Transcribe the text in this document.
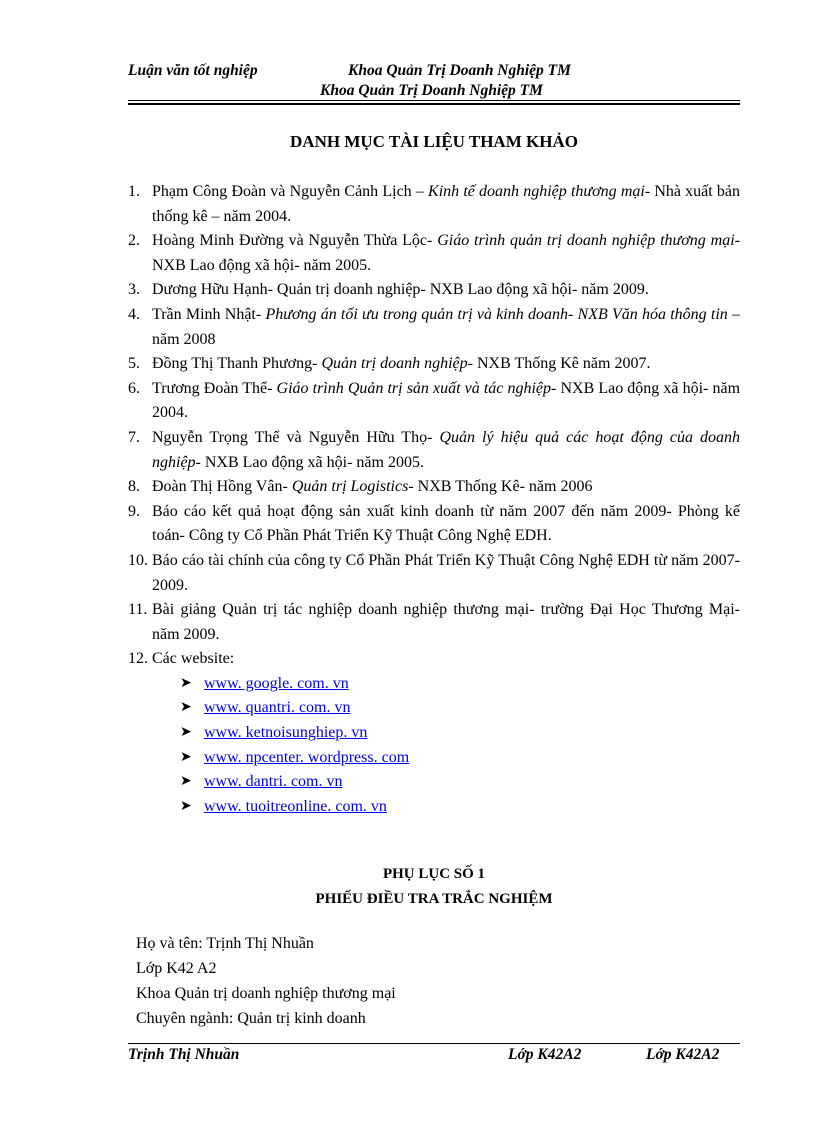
Luận văn tốt nghiệp	Khoa Quản Trị Doanh Nghiệp TM
Khoa Quản Trị Doanh Nghiệp TM
DANH MỤC TÀI LIỆU THAM KHẢO
1. Phạm Công Đoàn và Nguyễn Cảnh Lịch – Kinh tế doanh nghiệp thương mại- Nhà xuất bản thống kê – năm 2004.
2. Hoàng Minh Đường và Nguyễn Thừa Lộc- Giáo trình quản trị doanh nghiệp thương mại- NXB Lao động xã hội- năm 2005.
3. Dương Hữu Hạnh- Quản trị doanh nghiệp- NXB Lao động xã hội- năm 2009.
4. Trần Minh Nhật- Phương án tối ưu trong quản trị và kinh doanh- NXB Văn hóa thông tin – năm 2008
5. Đồng Thị Thanh Phương- Quản trị doanh nghiệp- NXB Thống Kê năm 2007.
6. Trương Đoàn Thể- Giáo trình Quản trị sản xuất và tác nghiệp- NXB Lao động xã hội- năm 2004.
7. Nguyễn Trọng Thể và Nguyễn Hữu Thọ- Quản lý hiệu quả các hoạt động của doanh nghiệp- NXB Lao động xã hội- năm 2005.
8. Đoàn Thị Hồng Vân- Quản trị Logistics- NXB Thống Kê- năm 2006
9. Báo cáo kết quả hoạt động sản xuất kinh doanh từ năm 2007 đến năm 2009- Phòng kế toán- Công ty Cổ Phần Phát Triển Kỹ Thuật Công Nghệ EDH.
10. Báo cáo tài chính của công ty Cổ Phần Phát Triển Kỹ Thuật Công Nghệ EDH từ năm 2007- 2009.
11. Bài giảng Quản trị tác nghiệp doanh nghiệp thương mại- trường Đại Học Thương Mại- năm 2009.
12. Các website:
➤ www. google. com. vn
➤ www. quantri. com. vn
➤ www. ketnoisunghiep. vn
➤ www. npcenter. wordpress. com
➤ www. dantri. com. vn
➤ www. tuoitreonline. com. vn
PHỤ LỤC SỐ 1
PHIẾU ĐIỀU TRA TRẮC NGHIỆM
Họ và tên: Trịnh Thị Nhuần
Lớp K42 A2
Khoa Quản trị doanh nghiệp thương mại
Chuyên ngành: Quản trị kinh doanh
Trịnh Thị Nhuần	Lớp K42A2	Lớp K42A2
